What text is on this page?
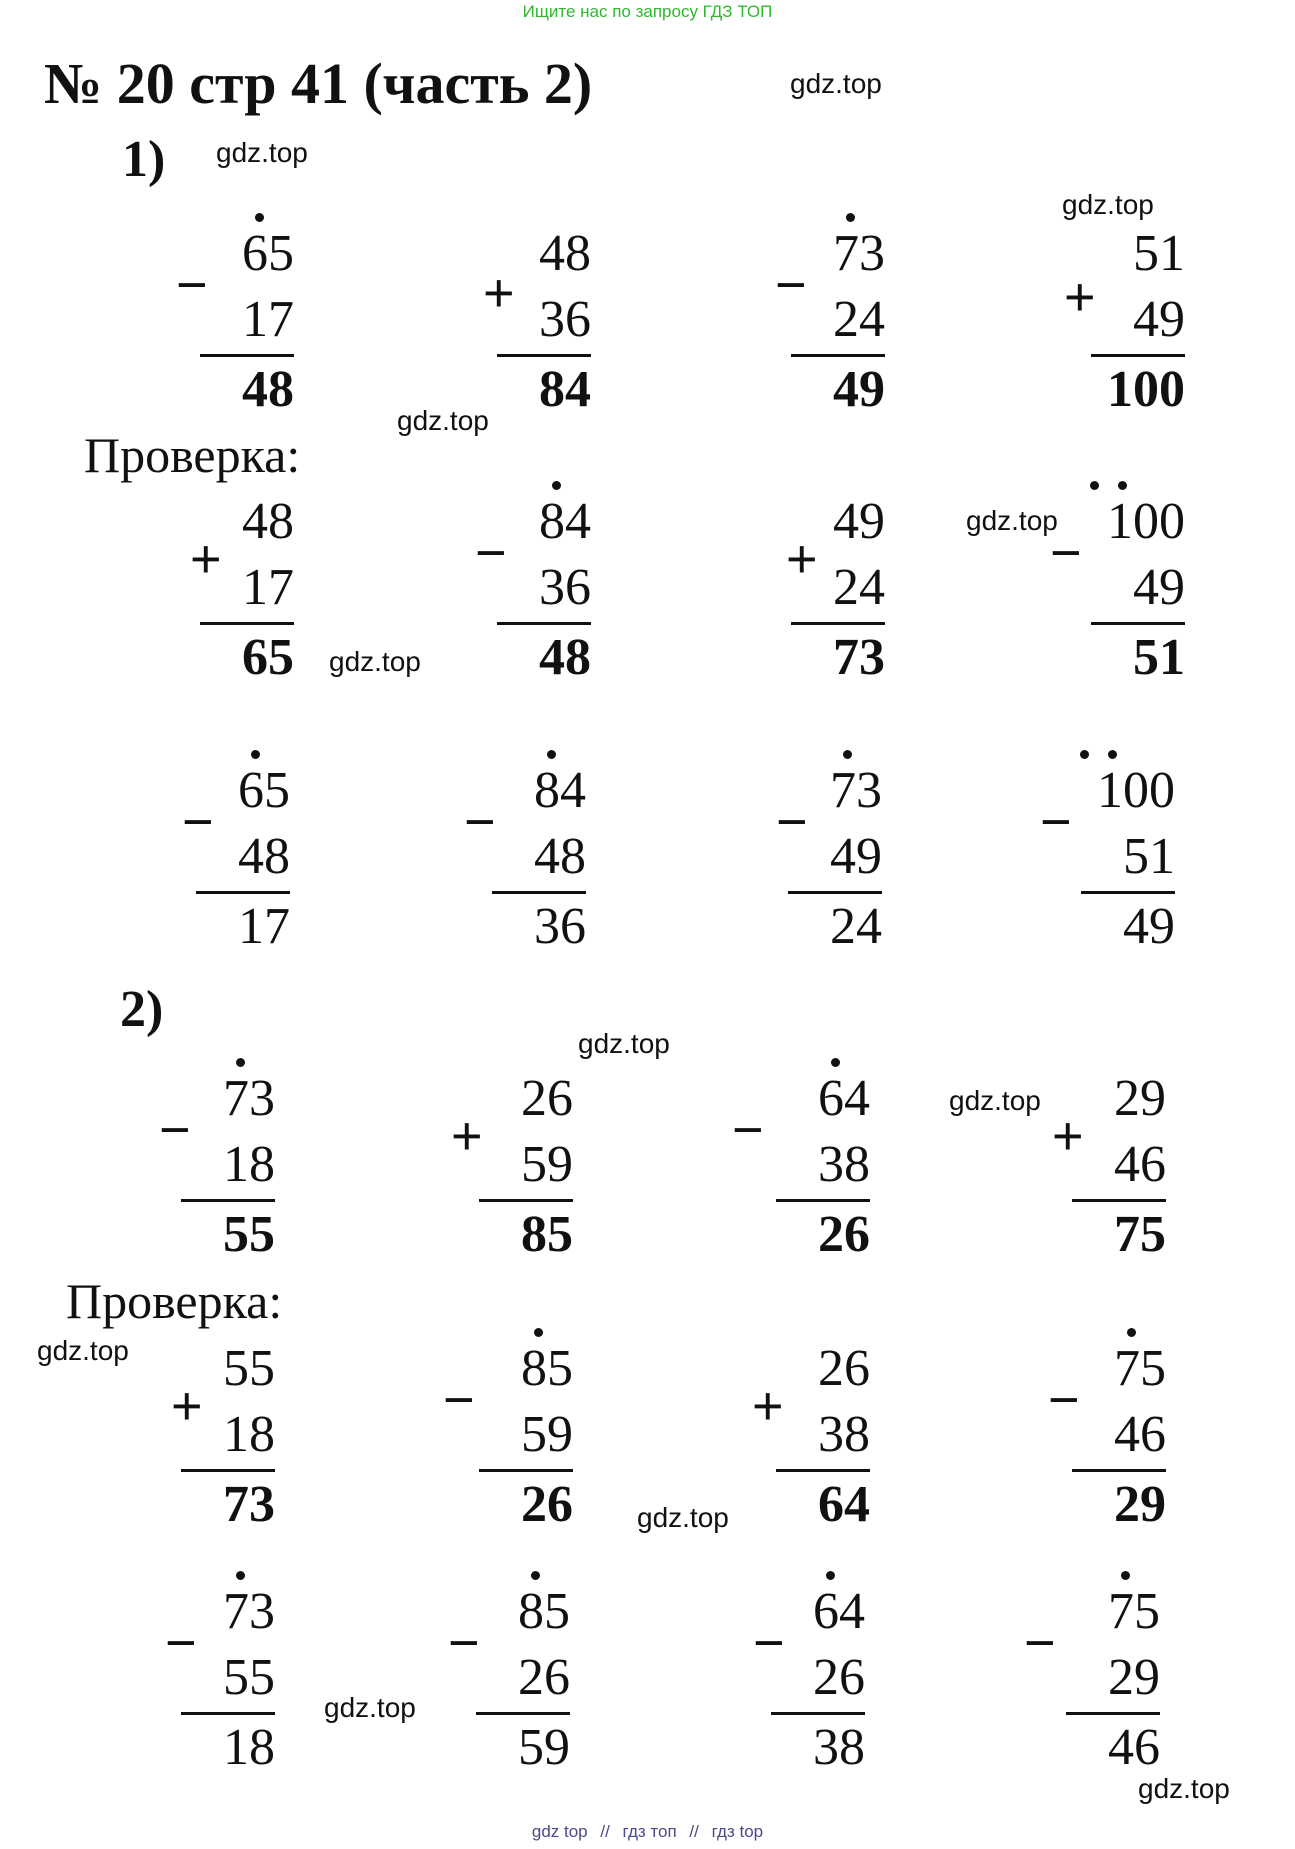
Ищите нас по запросу ГДЗ ТОП
№ 20 стр 41 (часть 2)
1)
2)
Проверка:
Проверка:
gdz.top
gdz.top
gdz.top
gdz.top
gdz.top
gdz.top
gdz.top
gdz.top
gdz.top
gdz.top
gdz.top
gdz.top
−
65
17
48
+
48
36
84
−
73
24
49
+
51
49
100
+
48
17
65
−
84
36
48
+
49
24
73
−
100
49
51
−
65
48
17
−
84
48
36
−
73
49
24
−
100
51
49
−
73
18
55
+
26
59
85
−
64
38
26
+
29
46
75
+
55
18
73
−
85
59
26
+
26
38
64
−
75
46
29
−
73
55
18
−
85
26
59
−
64
26
38
−
75
29
46
gdz top // гдз топ // гдз top
